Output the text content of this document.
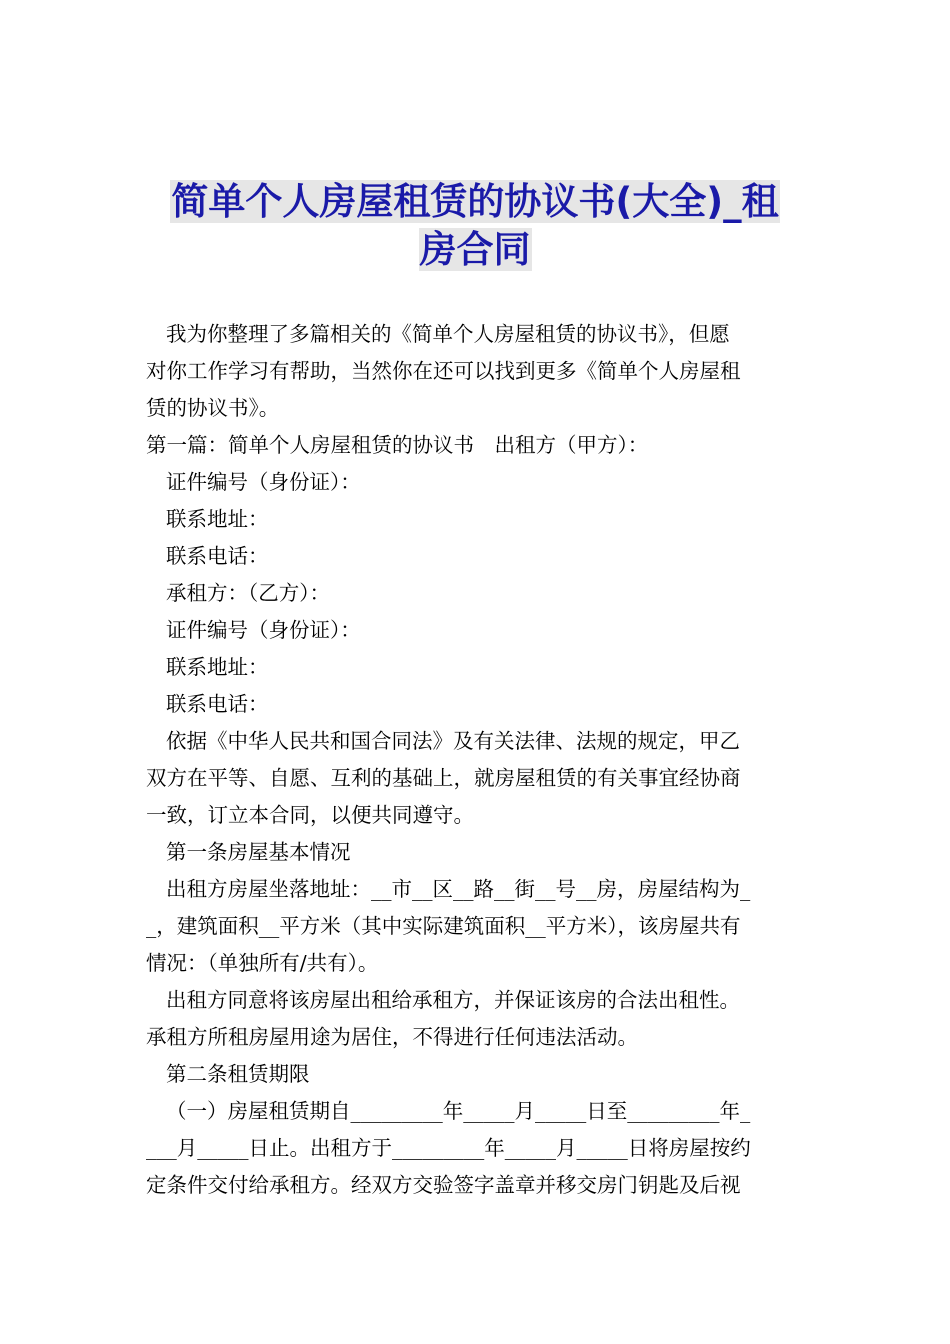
简单个人房屋租赁的协议书(大全)_租
房合同

我为你整理了多篇相关的《简单个人房屋租赁的协议书》，但愿

对你工作学习有帮助，当然你在还可以找到更多《简单个人房屋租

赁的协议书》。

第一篇：简单个人房屋租赁的协议书　出租方（甲方）：

证件编号（身份证）：

联系地址：

联系电话：

承租方：（乙方）：

证件编号（身份证）：

联系地址：

联系电话：

依据《中华人民共和国合同法》及有关法律、法规的规定，甲乙

双方在平等、自愿、互利的基础上，就房屋租赁的有关事宜经协商

一致，订立本合同，以便共同遵守。

第一条房屋基本情况

出租方房屋坐落地址：__市__区__路__街__号__房，房屋结构为_

_，建筑面积__平方米（其中实际建筑面积__平方米），该房屋共有

情况：（单独所有/共有）。

出租方同意将该房屋出租给承租方，并保证该房的合法出租性。

承租方所租房屋用途为居住，不得进行任何违法活动。

第二条租赁期限

（一）房屋租赁期自_________年_____月_____日至_________年_

___月_____日止。出租方于_________年_____月_____日将房屋按约

定条件交付给承租方。经双方交验签字盖章并移交房门钥匙及后视
